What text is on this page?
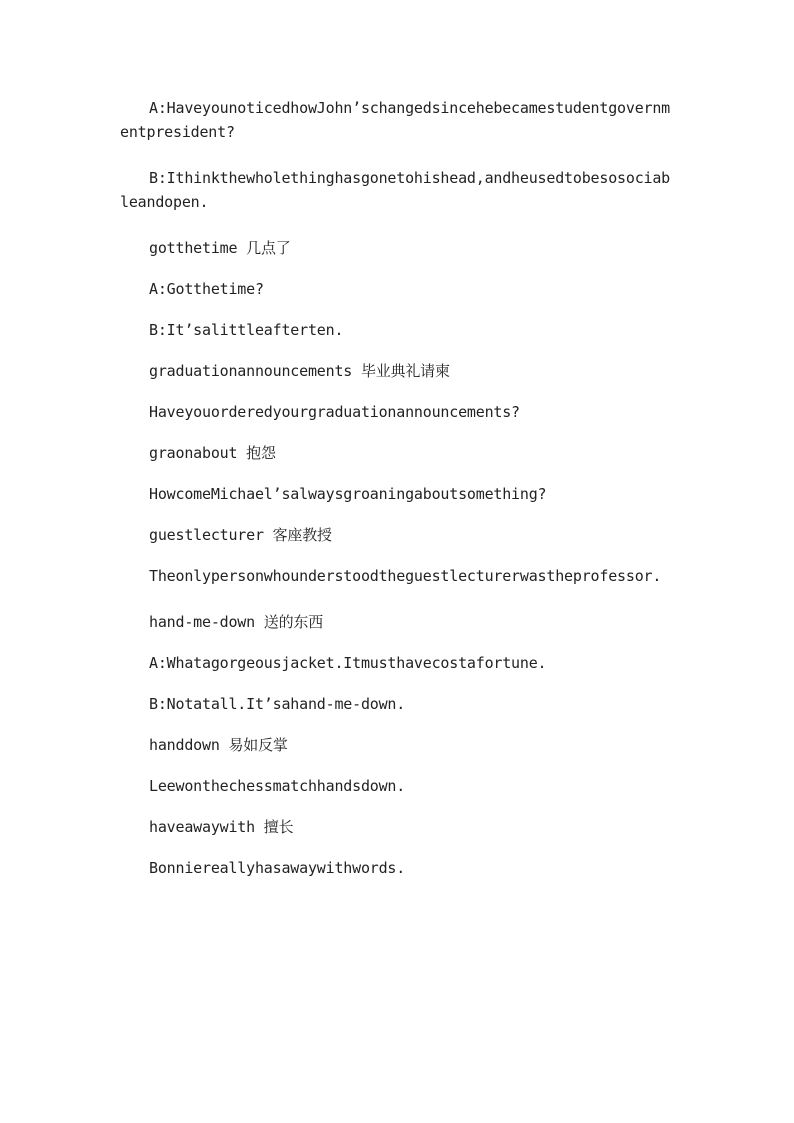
A:HaveyounoticedhowJohn’schangedsincehebecamestudentgovernmentpresident?

B:Ithinkthewholethinghasgonetohishead,andheusedtobesosociableandopen.

gotthetime 几点了

A:Gotthetime?

B:It’salittleafterten.

graduationannouncements 毕业典礼请柬

Haveyouorderedyourgraduationannouncements?

graonabout 抱怨

HowcomeMichael’salwaysgroaningaboutsomething?

guestlecturer 客座教授

Theonlypersonwhounderstoodtheguestlecturerwastheprofessor.

hand-me-down 送的东西

A:Whatagorgeousjacket.Itmusthavecostafortune.

B:Notatall.It’sahand-me-down.

handdown 易如反掌

Leewonthechessmatchhandsdown.

haveawaywith 擅长

Bonniereallyhasawaywithwords.
